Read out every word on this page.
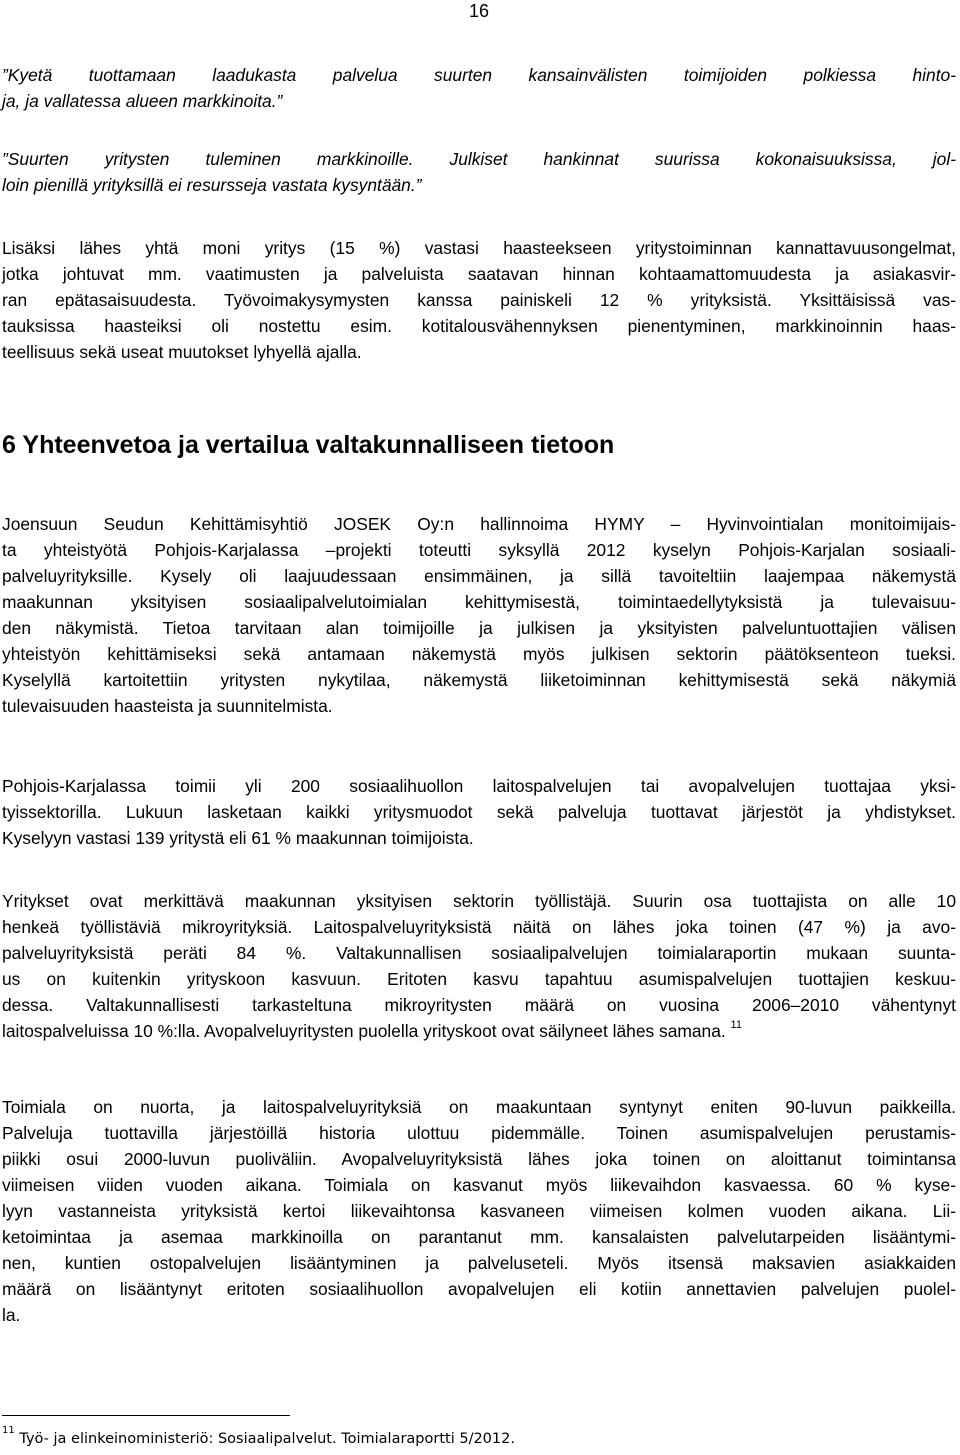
16

”Kyetä tuottamaan laadukasta palvelua suurten kansainvälisten toimijoiden polkiessa hinto-
ja, ja vallatessa alueen markkinoita.”

”Suurten yritysten tuleminen markkinoille. Julkiset hankinnat suurissa kokonaisuuksissa, jol-
loin pienillä yrityksillä ei resursseja vastata kysyntään.”

Lisäksi lähes yhtä moni yritys (15 %) vastasi haasteekseen yritystoiminnan kannattavuusongelmat,
jotka johtuvat mm. vaatimusten ja palveluista saatavan hinnan kohtaamattomuudesta ja asiakasvir-
ran epätasaisuudesta. Työvoimakysymysten kanssa painiskeli 12 % yrityksistä. Yksittäisissä vas-
tauksissa haasteiksi oli nostettu esim. kotitalousvähennyksen pienentyminen, markkinoinnin haas-
teellisuus sekä useat muutokset lyhyellä ajalla.

6 Yhteenvetoa ja vertailua valtakunnalliseen tietoon

Joensuun Seudun Kehittämisyhtiö JOSEK Oy:n hallinnoima HYMY – Hyvinvointialan monitoimijais-
ta yhteistyötä Pohjois-Karjalassa –projekti toteutti syksyllä 2012 kyselyn Pohjois-Karjalan sosiaali-
palveluyrityksille. Kysely oli laajuudessaan ensimmäinen, ja sillä tavoiteltiin laajempaa näkemystä
maakunnan yksityisen sosiaalipalvelutoimialan kehittymisestä, toimintaedellytyksistä ja tulevaisuu-
den näkymistä. Tietoa tarvitaan alan toimijoille ja julkisen ja yksityisten palveluntuottajien välisen
yhteistyön kehittämiseksi sekä antamaan näkemystä myös julkisen sektorin päätöksenteon tueksi.
Kyselyllä kartoitettiin yritysten nykytilaa, näkemystä liiketoiminnan kehittymisestä sekä näkymiä
tulevaisuuden haasteista ja suunnitelmista.

Pohjois-Karjalassa toimii yli 200 sosiaalihuollon laitospalvelujen tai avopalvelujen tuottajaa yksi-
tyissektorilla. Lukuun lasketaan kaikki yritysmuodot sekä palveluja tuottavat järjestöt ja yhdistykset.
Kyselyyn vastasi 139 yritystä eli 61 % maakunnan toimijoista.

Yritykset ovat merkittävä maakunnan yksityisen sektorin työllistäjä. Suurin osa tuottajista on alle 10
henkeä työllistäviä mikroyrityksiä. Laitospalveluyrityksistä näitä on lähes joka toinen (47 %) ja avo-
palveluyrityksistä peräti 84 %. Valtakunnallisen sosiaalipalvelujen toimialaraportin mukaan suunta-
us on kuitenkin yrityskoon kasvuun. Eritoten kasvu tapahtuu asumispalvelujen tuottajien keskuu-
dessa. Valtakunnallisesti tarkasteltuna mikroyritysten määrä on vuosina 2006–2010 vähentynyt
laitospalveluissa 10 %:lla. Avopalveluyritysten puolella yrityskoot ovat säilyneet lähes samana. $^{11}$

Toimiala on nuorta, ja laitospalveluyrityksiä on maakuntaan syntynyt eniten 90-luvun paikkeilla.
Palveluja tuottavilla järjestöillä historia ulottuu pidemmälle. Toinen asumispalvelujen perustamis-
piikki osui 2000-luvun puoliväliin. Avopalveluyrityksistä lähes joka toinen on aloittanut toimintansa
viimeisen viiden vuoden aikana. Toimiala on kasvanut myös liikevaihdon kasvaessa. 60 % kyse-
lyyn vastanneista yrityksistä kertoi liikevaihtonsa kasvaneen viimeisen kolmen vuoden aikana. Lii-
ketoimintaa ja asemaa markkinoilla on parantanut mm. kansalaisten palvelutarpeiden lisääntymi-
nen, kuntien ostopalvelujen lisääntyminen ja palveluseteli. Myös itsensä maksavien asiakkaiden
määrä on lisääntynyt eritoten sosiaalihuollon avopalvelujen eli kotiin annettavien palvelujen puolel-
la.

$^{11}$ Työ- ja elinkeinoministeriö: Sosiaalipalvelut. Toimialaraportti 5/2012.
